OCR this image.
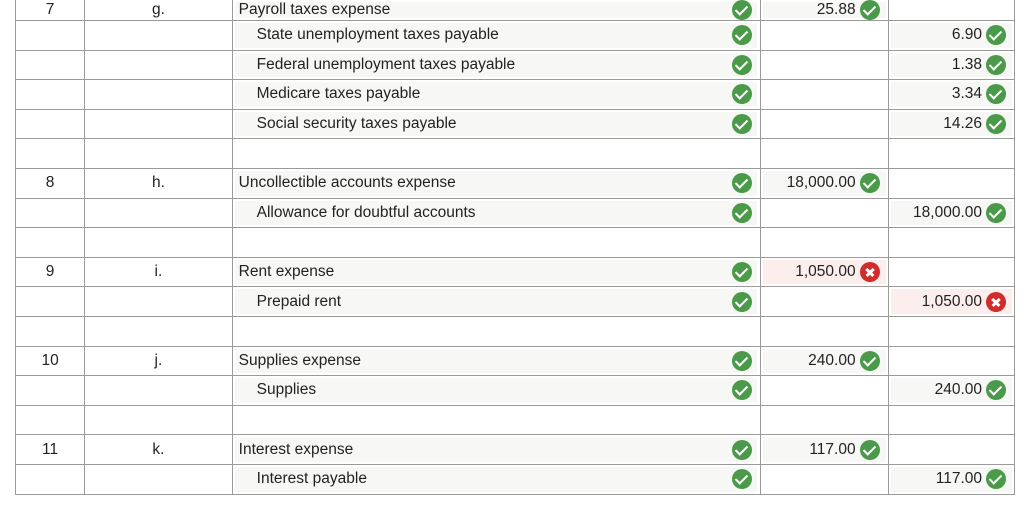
7	g.	Payroll taxes expense	25.88	

		State unemployment taxes payable		6.90

		Federal unemployment taxes payable		1.38

		Medicare taxes payable		3.34

		Social security taxes payable		14.26

8	h.	Uncollectible accounts expense	18,000.00	

		Allowance for doubtful accounts		18,000.00

9	i.	Rent expense	1,050.00	

		Prepaid rent		1,050.00

10	j.	Supplies expense	240.00	

		Supplies		240.00

11	k.	Interest expense	117.00	

		Interest payable		117.00
